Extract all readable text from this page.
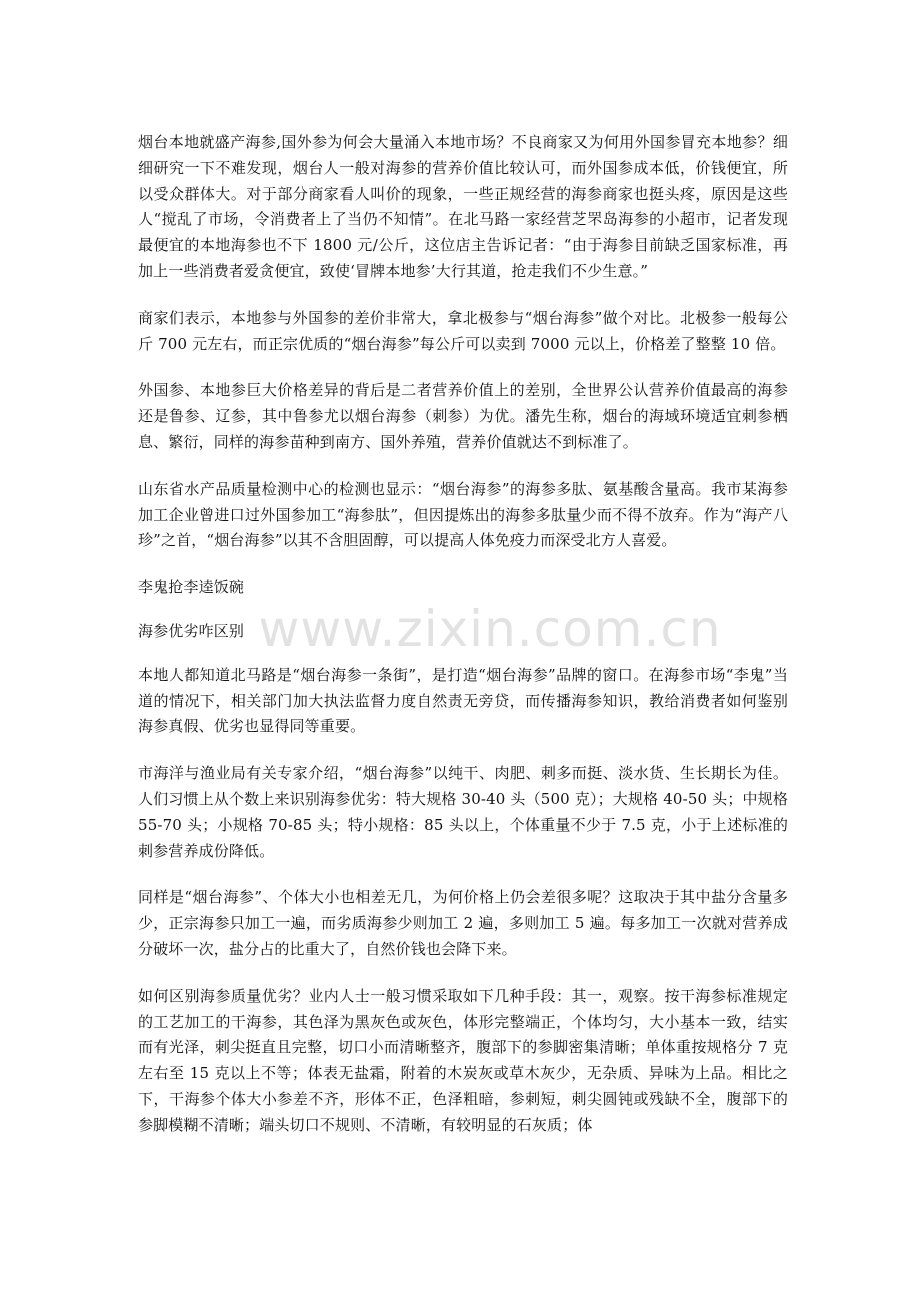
烟台本地就盛产海参,国外参为何会大量涌入本地市场？不良商家又为何用外国参冒充本地参？细细研究一下不难发现，烟台人一般对海参的营养价值比较认可，而外国参成本低，价钱便宜，所以受众群体大。对于部分商家看人叫价的现象，一些正规经营的海参商家也挺头疼，原因是这些人“搅乱了市场，令消费者上了当仍不知情”。在北马路一家经营芝罘岛海参的小超市，记者发现最便宜的本地海参也不下 1800 元/公斤，这位店主告诉记者：“由于海参目前缺乏国家标准，再加上一些消费者爱贪便宜，致使‘冒牌本地参’大行其道，抢走我们不少生意。”

商家们表示，本地参与外国参的差价非常大，拿北极参与“烟台海参”做个对比。北极参一般每公斤 700 元左右，而正宗优质的“烟台海参”每公斤可以卖到 7000 元以上，价格差了整整 10 倍。

外国参、本地参巨大价格差异的背后是二者营养价值上的差别，全世界公认营养价值最高的海参还是鲁参、辽参，其中鲁参尤以烟台海参（刺参）为优。潘先生称，烟台的海域环境适宜刺参栖息、繁衍，同样的海参苗种到南方、国外养殖，营养价值就达不到标准了。

山东省水产品质量检测中心的检测也显示：“烟台海参”的海参多肽、氨基酸含量高。我市某海参加工企业曾进口过外国参加工“海参肽”，但因提炼出的海参多肽量少而不得不放弃。作为“海产八珍”之首，“烟台海参”以其不含胆固醇，可以提高人体免疫力而深受北方人喜爱。

李鬼抢李逵饭碗

海参优劣咋区别

本地人都知道北马路是“烟台海参一条街”，是打造“烟台海参”品牌的窗口。在海参市场“李鬼”当道的情况下，相关部门加大执法监督力度自然责无旁贷，而传播海参知识，教给消费者如何鉴别海参真假、优劣也显得同等重要。

市海洋与渔业局有关专家介绍，“烟台海参”以纯干、肉肥、刺多而挺、淡水货、生长期长为佳。人们习惯上从个数上来识别海参优劣：特大规格 30-40 头（500 克）；大规格 40-50 头；中规格 55-70 头；小规格 70-85 头；特小规格：85 头以上，个体重量不少于 7.5 克，小于上述标准的刺参营养成份降低。

同样是“烟台海参”、个体大小也相差无几，为何价格上仍会差很多呢？这取决于其中盐分含量多少，正宗海参只加工一遍，而劣质海参少则加工 2 遍，多则加工 5 遍。每多加工一次就对营养成分破坏一次，盐分占的比重大了，自然价钱也会降下来。

如何区别海参质量优劣？业内人士一般习惯采取如下几种手段：其一，观察。按干海参标准规定的工艺加工的干海参，其色泽为黑灰色或灰色，体形完整端正，个体均匀，大小基本一致，结实而有光泽，刺尖挺直且完整，切口小而清晰整齐，腹部下的参脚密集清晰；单体重按规格分 7 克左右至 15 克以上不等；体表无盐霜，附着的木炭灰或草木灰少，无杂质、异味为上品。相比之下，干海参个体大小参差不齐，形体不正，色泽粗暗，参刺短，刺尖圆钝或残缺不全，腹部下的参脚模糊不清晰；端头切口不规则、不清晰，有较明显的石灰质；体

www.zixin.com.cn
